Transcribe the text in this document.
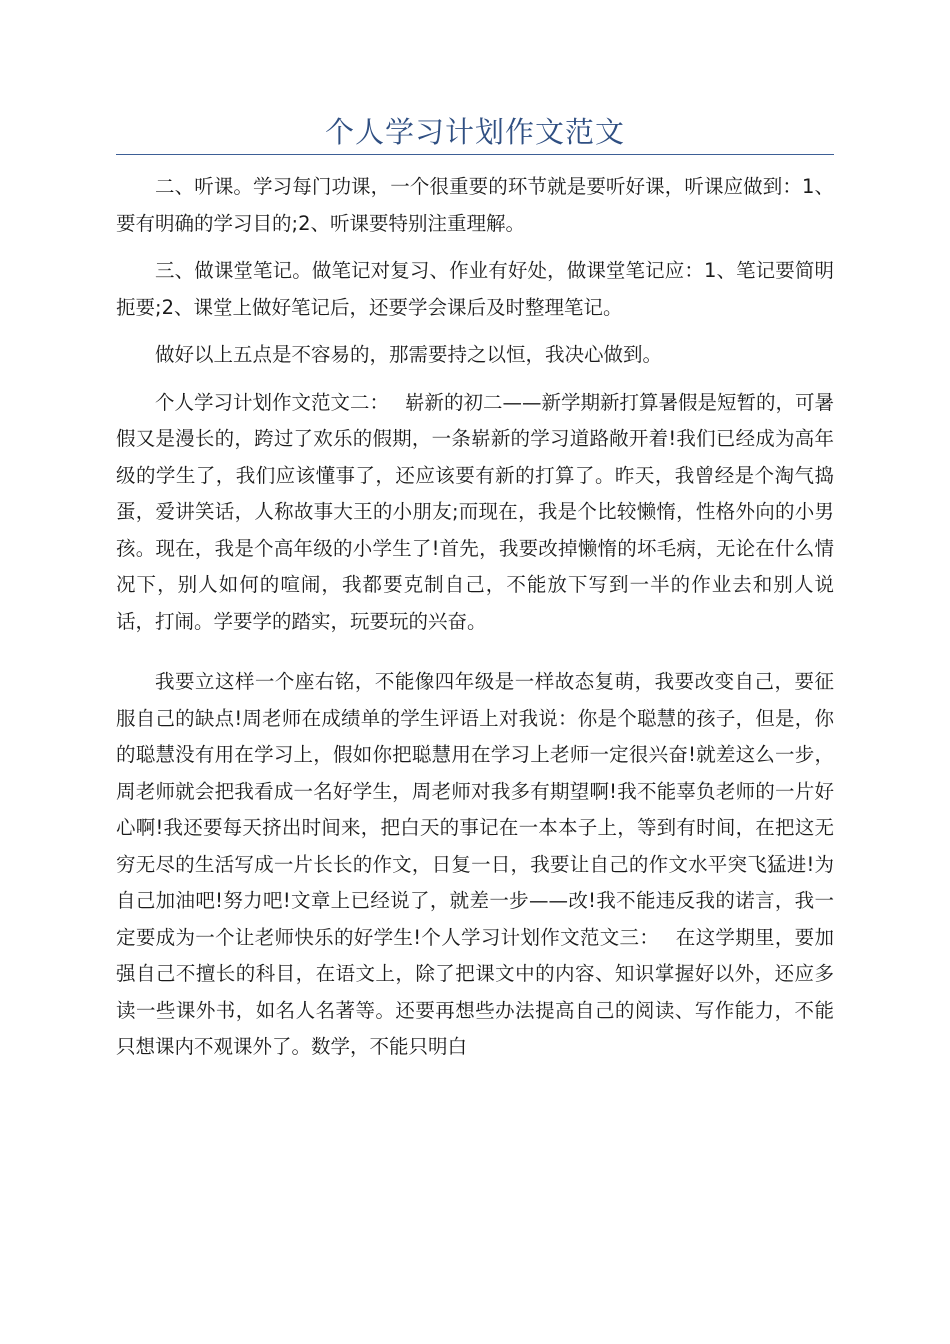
个人学习计划作文范文

二、听课。学习每门功课，一个很重要的环节就是要听好课，听课应做到：1、要有明确的学习目的;2、听课要特别注重理解。

三、做课堂笔记。做笔记对复习、作业有好处，做课堂笔记应：1、笔记要简明扼要;2、课堂上做好笔记后，还要学会课后及时整理笔记。

做好以上五点是不容易的，那需要持之以恒，我决心做到。

个人学习计划作文范文二：　 崭新的初二——新学期新打算暑假是短暂的，可暑假又是漫长的，跨过了欢乐的假期，一条崭新的学习道路敞开着!我们已经成为高年级的学生了，我们应该懂事了，还应该要有新的打算了。昨天，我曾经是个淘气捣蛋，爱讲笑话，人称故事大王的小朋友;而现在，我是个比较懒惰，性格外向的小男孩。现在，我是个高年级的小学生了!首先，我要改掉懒惰的坏毛病，无论在什么情况下，别人如何的喧闹，我都要克制自己，不能放下写到一半的作业去和别人说话，打闹。学要学的踏实，玩要玩的兴奋。

我要立这样一个座右铭，不能像四年级是一样故态复萌，我要改变自己，要征服自己的缺点!周老师在成绩单的学生评语上对我说：你是个聪慧的孩子，但是，你的聪慧没有用在学习上，假如你把聪慧用在学习上老师一定很兴奋!就差这么一步，周老师就会把我看成一名好学生，周老师对我多有期望啊!我不能辜负老师的一片好心啊!我还要每天挤出时间来，把白天的事记在一本本子上，等到有时间，在把这无穷无尽的生活写成一片长长的作文，日复一日，我要让自己的作文水平突飞猛进!为自己加油吧!努力吧!文章上已经说了，就差一步——改!我不能违反我的诺言，我一定要成为一个让老师快乐的好学生!个人学习计划作文范文三：　 在这学期里，要加强自己不擅长的科目，在语文上，除了把课文中的内容、知识掌握好以外，还应多读一些课外书，如名人名著等。还要再想些办法提高自己的阅读、写作能力，不能只想课内不观课外了。数学，不能只明白
